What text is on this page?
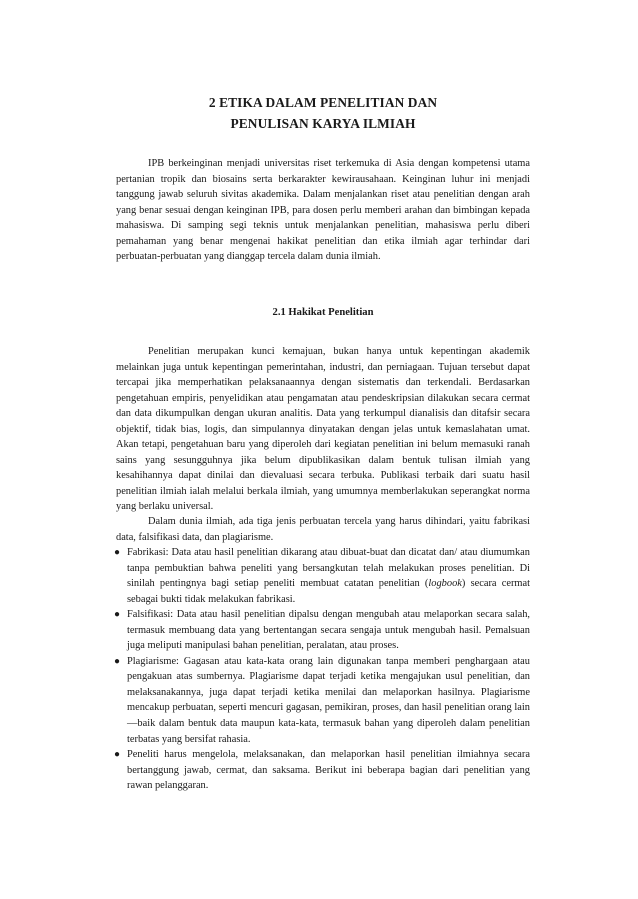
2 ETIKA DALAM PENELITIAN DAN
PENULISAN KARYA ILMIAH

IPB berkeinginan menjadi universitas riset terkemuka di Asia dengan kompetensi utama pertanian tropik dan biosains serta berkarakter kewirausahaan. Keinginan luhur ini menjadi tanggung jawab seluruh sivitas akademika. Dalam menjalankan riset atau penelitian dengan arah yang benar sesuai dengan keinginan IPB, para dosen perlu memberi arahan dan bimbingan kepada mahasiswa. Di samping segi teknis untuk menjalankan penelitian, mahasiswa perlu diberi pemahaman yang benar mengenai hakikat penelitian dan etika ilmiah agar terhindar dari perbuatan-perbuatan yang dianggap tercela dalam dunia ilmiah.

2.1 Hakikat Penelitian

Penelitian merupakan kunci kemajuan, bukan hanya untuk kepentingan akademik melainkan juga untuk kepentingan pemerintahan, industri, dan perniagaan. Tujuan tersebut dapat tercapai jika memperhatikan pelaksanaannya dengan sistematis dan terkendali. Berdasarkan pengetahuan empiris, penyelidikan atau pengamatan atau pendeskripsian dilakukan secara cermat dan data dikumpulkan dengan ukuran analitis. Data yang terkumpul dianalisis dan ditafsir secara objektif, tidak bias, logis, dan simpulannya dinyatakan dengan jelas untuk kemaslahatan umat. Akan tetapi, pengetahuan baru yang diperoleh dari kegiatan penelitian ini belum memasuki ranah sains yang sesungguhnya jika belum dipublikasikan dalam bentuk tulisan ilmiah yang kesahihannya dapat dinilai dan dievaluasi secara terbuka. Publikasi terbaik dari suatu hasil penelitian ilmiah ialah melalui berkala ilmiah, yang umumnya memberlakukan seperangkat norma yang berlaku universal.

Dalam dunia ilmiah, ada tiga jenis perbuatan tercela yang harus dihindari, yaitu fabrikasi data, falsifikasi data, dan plagiarisme.

● Fabrikasi: Data atau hasil penelitian dikarang atau dibuat-buat dan dicatat dan/ atau diumumkan tanpa pembuktian bahwa peneliti yang bersangkutan telah melakukan proses penelitian. Di sinilah pentingnya bagi setiap peneliti membuat catatan penelitian (logbook) secara cermat sebagai bukti tidak melakukan fabrikasi.
● Falsifikasi: Data atau hasil penelitian dipalsu dengan mengubah atau melaporkan secara salah, termasuk membuang data yang bertentangan secara sengaja untuk mengubah hasil. Pemalsuan juga meliputi manipulasi bahan penelitian, peralatan, atau proses.
● Plagiarisme: Gagasan atau kata-kata orang lain digunakan tanpa memberi penghargaan atau pengakuan atas sumbernya. Plagiarisme dapat terjadi ketika mengajukan usul penelitian, dan melaksanakannya, juga dapat terjadi ketika menilai dan melaporkan hasilnya. Plagiarisme mencakup perbuatan, seperti mencuri gagasan, pemikiran, proses, dan hasil penelitian orang lain—baik dalam bentuk data maupun kata-kata, termasuk bahan yang diperoleh dalam penelitian terbatas yang bersifat rahasia.
● Peneliti harus mengelola, melaksanakan, dan melaporkan hasil penelitian ilmiahnya secara bertanggung jawab, cermat, dan saksama. Berikut ini beberapa bagian dari penelitian yang rawan pelanggaran.
